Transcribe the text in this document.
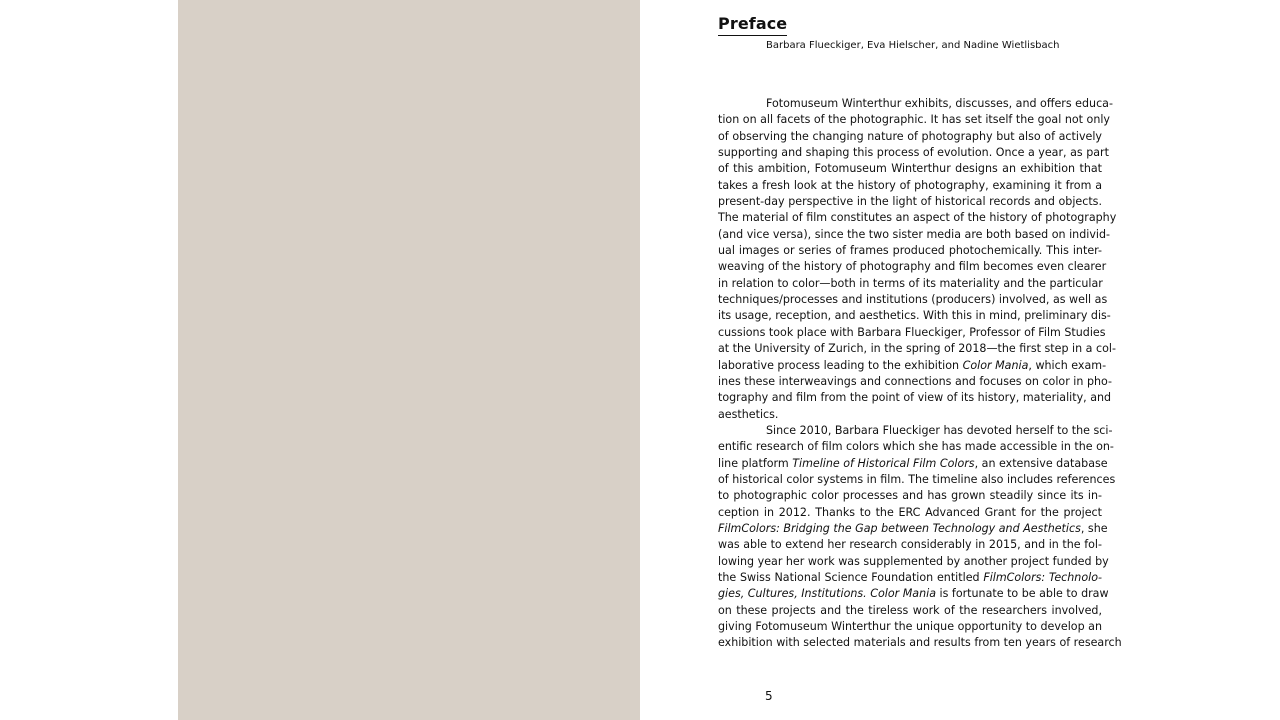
Preface
Barbara Flueckiger, Eva Hielscher, and Nadine Wietlisbach
Fotomuseum Winterthur exhibits, discusses, and offers educa-
tion on all facets of the photographic. It has set itself the goal not only
of observing the changing nature of photography but also of actively
supporting and shaping this process of evolution. Once a year, as part
of this ambition, Fotomuseum Winterthur designs an exhibition that
takes a fresh look at the history of photography, examining it from a
present-day perspective in the light of historical records and objects.
The material of film constitutes an aspect of the history of photography
(and vice versa), since the two sister media are both based on individ-
ual images or series of frames produced photochemically. This inter-
weaving of the history of photography and film becomes even clearer
in relation to color—both in terms of its materiality and the particular
techniques/processes and institutions (producers) involved, as well as
its usage, reception, and aesthetics. With this in mind, preliminary dis-
cussions took place with Barbara Flueckiger, Professor of Film Studies
at the University of Zurich, in the spring of 2018—the first step in a col-
laborative process leading to the exhibition Color Mania, which exam-
ines these interweavings and connections and focuses on color in pho-
tography and film from the point of view of its history, materiality, and
aesthetics.
Since 2010, Barbara Flueckiger has devoted herself to the sci-
entific research of film colors which she has made accessible in the on-
line platform Timeline of Historical Film Colors, an extensive database
of historical color systems in film. The timeline also includes references
to photographic color processes and has grown steadily since its in-
ception in 2012. Thanks to the ERC Advanced Grant for the project
FilmColors: Bridging the Gap between Technology and Aesthetics, she
was able to extend her research considerably in 2015, and in the fol-
lowing year her work was supplemented by another project funded by
the Swiss National Science Foundation entitled FilmColors: Technolo-
gies, Cultures, Institutions. Color Mania is fortunate to be able to draw
on these projects and the tireless work of the researchers involved,
giving Fotomuseum Winterthur the unique opportunity to develop an
exhibition with selected materials and results from ten years of research
5
